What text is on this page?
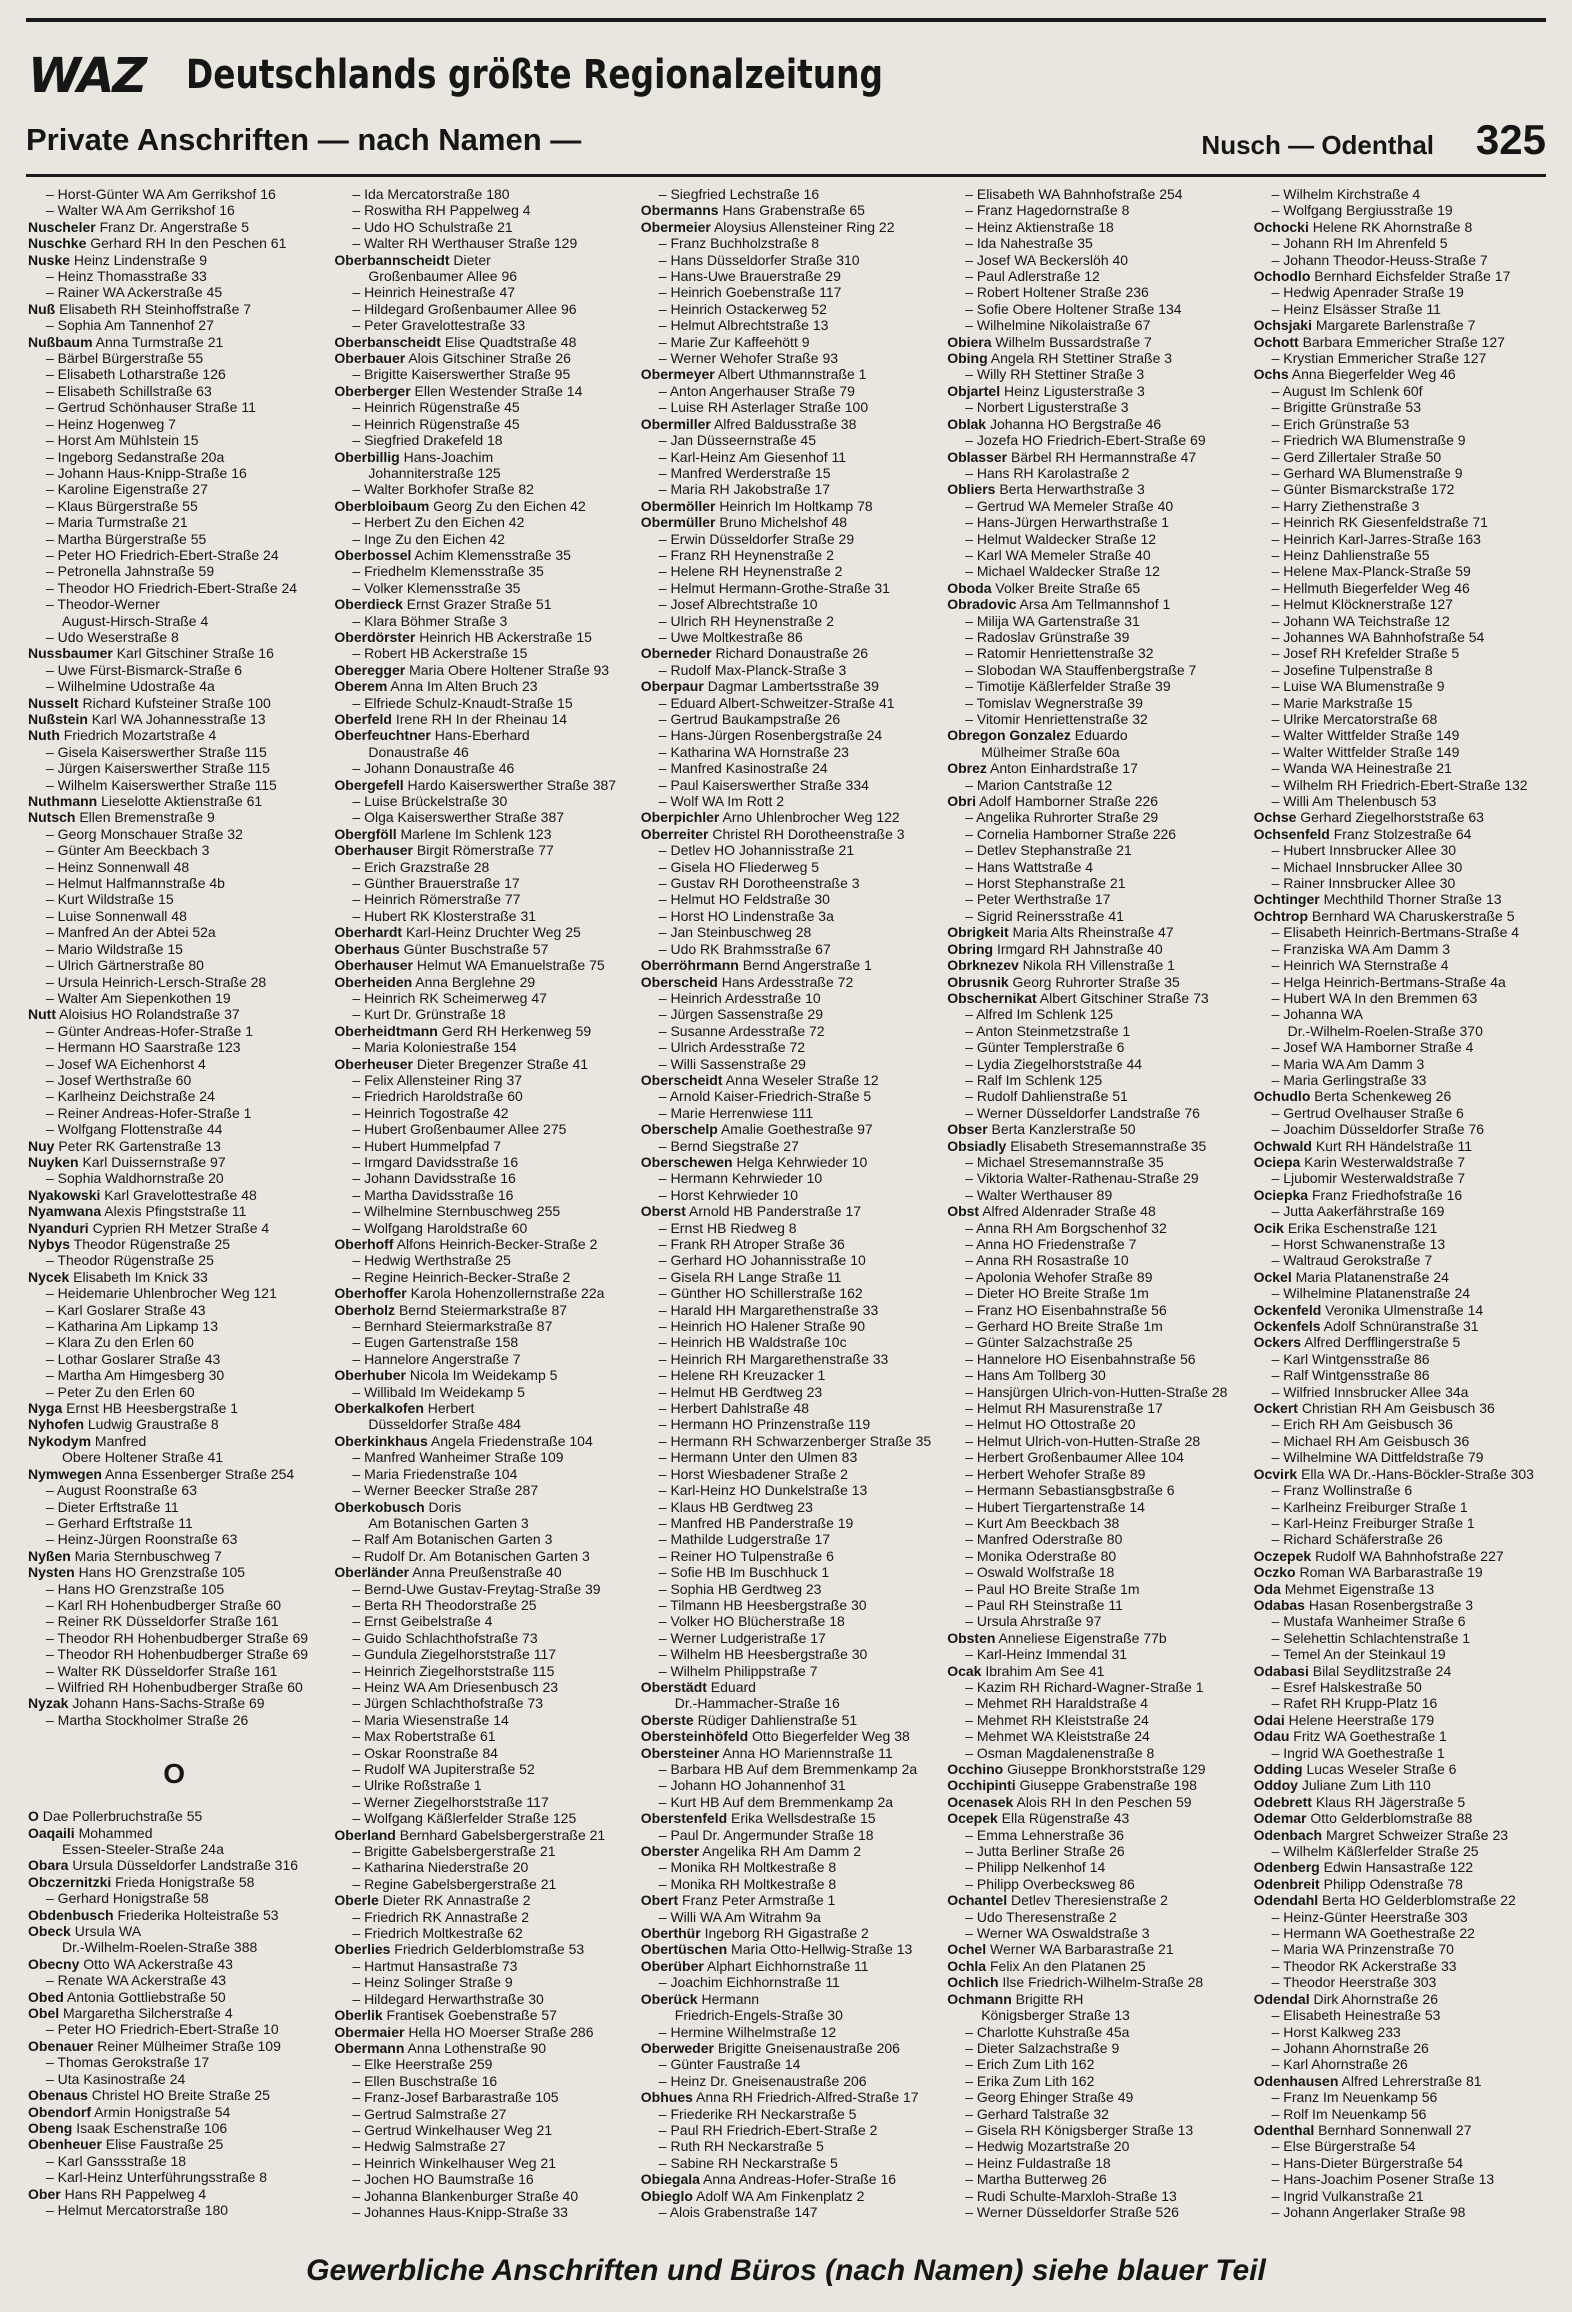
WAZ Deutschlands größte Regionalzeitung
Private Anschriften — nach Namen —	Nusch — Odenthal 325
– Horst-Günter WA Am Gerrikshof 16
– Walter WA Am Gerrikshof 16
Nuscheler Franz Dr. Angerstraße 5
Nuschke Gerhard RH In den Peschen 61
Nuske Heinz Lindenstraße 9
– Heinz Thomasstraße 33
– Rainer WA Ackerstraße 45
Nuß Elisabeth RH Steinhoffstraße 7
– Sophia Am Tannenhof 27
Nußbaum Anna Turmstraße 21
– Bärbel Bürgerstraße 55
– Elisabeth Lotharstraße 126
– Elisabeth Schillstraße 63
– Gertrud Schönhauser Straße 11
– Heinz Hogenweg 7
– Horst Am Mühlstein 15
– Ingeborg Sedanstraße 20a
– Johann Haus-Knipp-Straße 16
– Karoline Eigenstraße 27
– Klaus Bürgerstraße 55
– Maria Turmstraße 21
– Martha Bürgerstraße 55
– Peter HO Friedrich-Ebert-Straße 24
– Petronella Jahnstraße 59
– Theodor HO Friedrich-Ebert-Straße 24
– Theodor-Werner
August-Hirsch-Straße 4
– Udo Weserstraße 8
Nussbaumer Karl Gitschiner Straße 16
– Uwe Fürst-Bismarck-Straße 6
– Wilhelmine Udostraße 4a
Nusselt Richard Kufsteiner Straße 100
Nußstein Karl WA Johannesstraße 13
Nuth Friedrich Mozartstraße 4
– Gisela Kaiserswerther Straße 115
– Jürgen Kaiserswerther Straße 115
– Wilhelm Kaiserswerther Straße 115
Nuthmann Lieselotte Aktienstraße 61
Nutsch Ellen Bremenstraße 9
– Georg Monschauer Straße 32
– Günter Am Beeckbach 3
– Heinz Sonnenwall 48
– Helmut Halfmannstraße 4b
– Kurt Wildstraße 15
– Luise Sonnenwall 48
– Manfred An der Abtei 52a
– Mario Wildstraße 15
– Ulrich Gärtnerstraße 80
– Ursula Heinrich-Lersch-Straße 28
– Walter Am Siepenkothen 19
Nutt Aloisius HO Rolandstraße 37
– Günter Andreas-Hofer-Straße 1
– Hermann HO Saarstraße 123
– Josef WA Eichenhorst 4
– Josef Werthstraße 60
– Karlheinz Deichstraße 24
– Reiner Andreas-Hofer-Straße 1
– Wolfgang Flottenstraße 44
Nuy Peter RK Gartenstraße 13
Nuyken Karl Duissernstraße 97
– Sophia Waldhornstraße 20
Nyakowski Karl Gravelottestraße 48
Nyamwana Alexis Pfingststraße 11
Nyanduri Cyprien RH Metzer Straße 4
Nybys Theodor Rügenstraße 25
– Theodor Rügenstraße 25
Nycek Elisabeth Im Knick 33
– Heidemarie Uhlenbrocher Weg 121
– Karl Goslarer Straße 43
– Katharina Am Lipkamp 13
– Klara Zu den Erlen 60
– Lothar Goslarer Straße 43
– Martha Am Himgesberg 30
– Peter Zu den Erlen 60
Nyga Ernst HB Heesbergstraße 1
Nyhofen Ludwig Graustraße 8
Nykodym Manfred
Obere Holtener Straße 41
Nymwegen Anna Essenberger Straße 254
– August Roonstraße 63
– Dieter Erftstraße 11
– Gerhard Erftstraße 11
– Heinz-Jürgen Roonstraße 63
Nyßen Maria Sternbuschweg 7
Nysten Hans HO Grenzstraße 105
– Hans HO Grenzstraße 105
– Karl RH Hohenbudberger Straße 60
– Reiner RK Düsseldorfer Straße 161
– Theodor RH Hohenbudberger Straße 69
– Theodor RH Hohenbudberger Straße 69
– Walter RK Düsseldorfer Straße 161
– Wilfried RH Hohenbudberger Straße 60
Nyzak Johann Hans-Sachs-Straße 69
– Martha Stockholmer Straße 26
O
O Dae Pollerbruchstraße 55
Oaqaili Mohammed
Essen-Steeler-Straße 24a
Obara Ursula Düsseldorfer Landstraße 316
Obczernitzki Frieda Honigstraße 58
– Gerhard Honigstraße 58
Obdenbusch Friederika Holteistraße 53
Obeck Ursula WA
Dr.-Wilhelm-Roelen-Straße 388
Obecny Otto WA Ackerstraße 43
– Renate WA Ackerstraße 43
Obed Antonia Gottliebstraße 50
Obel Margaretha Silcherstraße 4
– Peter HO Friedrich-Ebert-Straße 10
Obenauer Reiner Mülheimer Straße 109
– Thomas Gerokstraße 17
– Uta Kasinostraße 24
Obenaus Christel HO Breite Straße 25
Obendorf Armin Honigstraße 54
Obeng Isaak Eschenstraße 106
Obenheuer Elise Faustraße 25
– Karl Ganssstraße 18
– Karl-Heinz Unterführungsstraße 8
Ober Hans RH Pappelweg 4
– Helmut Mercatorstraße 180
– Ida Mercatorstraße 180
– Roswitha RH Pappelweg 4
– Udo HO Schulstraße 21
– Walter RH Werthauser Straße 129
Oberbannscheidt Dieter
Großenbaumer Allee 96
– Heinrich Heinestraße 47
– Hildegard Großenbaumer Allee 96
– Peter Gravelottestraße 33
Oberbanscheidt Elise Quadtstraße 48
Oberbauer Alois Gitschiner Straße 26
– Brigitte Kaiserswerther Straße 95
Oberberger Ellen Westender Straße 14
– Heinrich Rügenstraße 45
– Heinrich Rügenstraße 45
– Siegfried Drakefeld 18
Oberbillig Hans-Joachim
Johanniterstraße 125
– Walter Borkhofer Straße 82
Oberbloibaum Georg Zu den Eichen 42
– Herbert Zu den Eichen 42
– Inge Zu den Eichen 42
Oberbossel Achim Klemensstraße 35
– Friedhelm Klemensstraße 35
– Volker Klemensstraße 35
Oberdieck Ernst Grazer Straße 51
– Klara Böhmer Straße 3
Oberdörster Heinrich HB Ackerstraße 15
– Robert HB Ackerstraße 15
Oberegger Maria Obere Holtener Straße 93
Oberem Anna Im Alten Bruch 23
– Elfriede Schulz-Knaudt-Straße 15
Oberfeld Irene RH In der Rheinau 14
Oberfeuchtner Hans-Eberhard
Donaustraße 46
– Johann Donaustraße 46
Obergefell Hardo Kaiserswerther Straße 387
– Luise Brückelstraße 30
– Olga Kaiserswerther Straße 387
Obergföll Marlene Im Schlenk 123
Oberhauser Birgit Römerstraße 77
– Erich Grazstraße 28
– Günther Brauerstraße 17
– Heinrich Römerstraße 77
– Hubert RK Klosterstraße 31
Oberhardt Karl-Heinz Druchter Weg 25
Oberhaus Günter Buschstraße 57
Oberhauser Helmut WA Emanuelstraße 75
Oberheiden Anna Berglehne 29
– Heinrich RK Scheimerweg 47
– Kurt Dr. Grünstraße 18
Oberheidtmann Gerd RH Herkenweg 59
– Maria Koloniestraße 154
Oberheuser Dieter Bregenzer Straße 41
– Felix Allensteiner Ring 37
– Friedrich Haroldstraße 60
– Heinrich Togostraße 42
– Hubert Großenbaumer Allee 275
– Hubert Hummelpfad 7
– Irmgard Davidsstraße 16
– Johann Davidsstraße 16
– Martha Davidsstraße 16
– Wilhelmine Sternbuschweg 255
– Wolfgang Haroldstraße 60
Oberhoff Alfons Heinrich-Becker-Straße 2
– Hedwig Werthstraße 25
– Regine Heinrich-Becker-Straße 2
Oberhoffer Karola Hohenzollernstraße 22a
Oberholz Bernd Steiermarkstraße 87
– Bernhard Steiermarkstraße 87
– Eugen Gartenstraße 158
– Hannelore Angerstraße 7
Oberhuber Nicola Im Weidekamp 5
– Willibald Im Weidekamp 5
Oberkalkofen Herbert
Düsseldorfer Straße 484
Oberkinkhaus Angela Friedenstraße 104
– Manfred Wanheimer Straße 109
– Maria Friedenstraße 104
– Werner Beecker Straße 287
Oberkobusch Doris
Am Botanischen Garten 3
– Ralf Am Botanischen Garten 3
– Rudolf Dr. Am Botanischen Garten 3
Oberländer Anna Preußenstraße 40
– Bernd-Uwe Gustav-Freytag-Straße 39
– Berta RH Theodorstraße 25
– Ernst Geibelstraße 4
– Guido Schlachthofstraße 73
– Gundula Ziegelhorststraße 117
– Heinrich Ziegelhorststraße 115
– Heinz WA Am Driesenbusch 23
– Jürgen Schlachthofstraße 73
– Maria Wiesenstraße 14
– Max Robertstraße 61
– Oskar Roonstraße 84
– Rudolf WA Jupiterstraße 52
– Ulrike Roßstraße 1
– Werner Ziegelhorststraße 117
– Wolfgang Käßlerfelder Straße 125
Oberland Bernhard Gabelsbergerstraße 21
– Brigitte Gabelsbergerstraße 21
– Katharina Niederstraße 20
– Regine Gabelsbergerstraße 21
Oberle Dieter RK Annastraße 2
– Friedrich RK Annastraße 2
– Friedrich Moltkestraße 62
Oberlies Friedrich Gelderblomstraße 53
– Hartmut Hansastraße 73
– Heinz Solinger Straße 9
– Hildegard Herwarthstraße 30
Oberlik Frantisek Goebenstraße 57
Obermaier Hella HO Moerser Straße 286
Obermann Anna Lothenstraße 90
– Elke Heerstraße 259
– Ellen Buschstraße 16
– Franz-Josef Barbarastraße 105
– Gertrud Salmstraße 27
– Gertrud Winkelhauser Weg 21
– Hedwig Salmstraße 27
– Heinrich Winkelhauser Weg 21
– Jochen HO Baumstraße 16
– Johanna Blankenburger Straße 40
– Johannes Haus-Knipp-Straße 33
– Siegfried Lechstraße 16
Obermanns Hans Grabenstraße 65
Obermeier Aloysius Allensteiner Ring 22
– Franz Buchholzstraße 8
– Hans Düsseldorfer Straße 310
– Hans-Uwe Brauerstraße 29
– Heinrich Goebenstraße 117
– Heinrich Ostackerweg 52
– Helmut Albrechtstraße 13
– Marie Zur Kaffeehött 9
– Werner Wehofer Straße 93
Obermeyer Albert Uthmannstraße 1
– Anton Angerhauser Straße 79
– Luise RH Asterlager Straße 100
Obermiller Alfred Baldusstraße 38
– Jan Düsseernstraße 45
– Karl-Heinz Am Giesenhof 11
– Manfred Werderstraße 15
– Maria RH Jakobstraße 17
Obermöller Heinrich Im Holtkamp 78
Obermüller Bruno Michelshof 48
– Erwin Düsseldorfer Straße 29
– Franz RH Heynenstraße 2
– Helene RH Heynenstraße 2
– Helmut Hermann-Grothe-Straße 31
– Josef Albrechtstraße 10
– Ulrich RH Heynenstraße 2
– Uwe Moltkestraße 86
Oberneder Richard Donaustraße 26
– Rudolf Max-Planck-Straße 3
Oberpaur Dagmar Lambertsstraße 39
– Eduard Albert-Schweitzer-Straße 41
– Gertrud Baukampstraße 26
– Hans-Jürgen Rosenbergstraße 24
– Katharina WA Hornstraße 23
– Manfred Kasinostraße 24
– Paul Kaiserswerther Straße 334
– Wolf WA Im Rott 2
Oberpichler Arno Uhlenbrocher Weg 122
Oberreiter Christel RH Dorotheenstraße 3
– Detlev HO Johannisstraße 21
– Gisela HO Fliederweg 5
– Gustav RH Dorotheenstraße 3
– Helmut HO Feldstraße 30
– Horst HO Lindenstraße 3a
– Jan Steinbuschweg 28
– Udo RK Brahmsstraße 67
Oberröhrmann Bernd Angerstraße 1
Oberscheid Hans Ardesstraße 72
– Heinrich Ardesstraße 10
– Jürgen Sassenstraße 29
– Susanne Ardesstraße 72
– Ulrich Ardesstraße 72
– Willi Sassenstraße 29
Oberscheidt Anna Weseler Straße 12
– Arnold Kaiser-Friedrich-Straße 5
– Marie Herrenwiese 111
Oberschelp Amalie Goethestraße 97
– Bernd Siegstraße 27
Oberschewen Helga Kehrwieder 10
– Hermann Kehrwieder 10
– Horst Kehrwieder 10
Oberst Arnold HB Panderstraße 17
– Ernst HB Riedweg 8
– Frank RH Atroper Straße 36
– Gerhard HO Johannisstraße 10
– Gisela RH Lange Straße 11
– Günther HO Schillerstraße 162
– Harald HH Margarethenstraße 33
– Heinrich HO Halener Straße 90
– Heinrich HB Waldstraße 10c
– Heinrich RH Margarethenstraße 33
– Helene RH Kreuzacker 1
– Helmut HB Gerdtweg 23
– Herbert Dahlstraße 48
– Hermann HO Prinzenstraße 119
– Hermann RH Schwarzenberger Straße 35
– Hermann Unter den Ulmen 83
– Horst Wiesbadener Straße 2
– Karl-Heinz HO Dunkelstraße 13
– Klaus HB Gerdtweg 23
– Manfred HB Panderstraße 19
– Mathilde Ludgerstraße 17
– Reiner HO Tulpenstraße 6
– Sofie HB Im Buschhuck 1
– Sophia HB Gerdtweg 23
– Tilmann HB Heesbergstraße 30
– Volker HO Blücherstraße 18
– Werner Ludgeristraße 17
– Wilhelm HB Heesbergstraße 30
– Wilhelm Philippstraße 7
Oberstädt Eduard
Dr.-Hammacher-Straße 16
Oberste Rüdiger Dahlienstraße 51
Obersteinhöfeld Otto Biegerfelder Weg 38
Obersteiner Anna HO Mariennstraße 11
– Barbara HB Auf dem Bremmenkamp 2a
– Johann HO Johannenhof 31
– Kurt HB Auf dem Bremmenkamp 2a
Oberstenfeld Erika Wellsdestraße 15
– Paul Dr. Angermunder Straße 18
Oberster Angelika RH Am Damm 2
– Monika RH Moltkestraße 8
– Monika RH Moltkestraße 8
Obert Franz Peter Armstraße 1
– Willi WA Am Witrahm 9a
Oberthür Ingeborg RH Gigastraße 2
Obertüschen Maria Otto-Hellwig-Straße 13
Oberüber Alphart Eichhornstraße 11
– Joachim Eichhornstraße 11
Oberück Hermann
Friedrich-Engels-Straße 30
– Hermine Wilhelmstraße 12
Oberweder Brigitte Gneisenaustraße 206
– Günter Faustraße 14
– Heinz Dr. Gneisenaustraße 206
Obhues Anna RH Friedrich-Alfred-Straße 17
– Friederike RH Neckarstraße 5
– Paul RH Friedrich-Ebert-Straße 2
– Ruth RH Neckarstraße 5
– Sabine RH Neckarstraße 5
Obiegala Anna Andreas-Hofer-Straße 16
Obieglo Adolf WA Am Finkenplatz 2
– Alois Grabenstraße 147
– Elisabeth WA Bahnhofstraße 254
– Franz Hagedornstraße 8
– Heinz Aktienstraße 18
– Ida Nahestraße 35
– Josef WA Beckerslöh 40
– Paul Adlerstraße 12
– Robert Holtener Straße 236
– Sofie Obere Holtener Straße 134
– Wilhelmine Nikolaistraße 67
Obiera Wilhelm Bussardstraße 7
Obing Angela RH Stettiner Straße 3
– Willy RH Stettiner Straße 3
Objartel Heinz Ligusterstraße 3
– Norbert Ligusterstraße 3
Oblak Johanna HO Bergstraße 46
– Jozefa HO Friedrich-Ebert-Straße 69
Oblasser Bärbel RH Hermannstraße 47
– Hans RH Karolastraße 2
Obliers Berta Herwarthstraße 3
– Gertrud WA Memeler Straße 40
– Hans-Jürgen Herwarthstraße 1
– Helmut Waldecker Straße 12
– Karl WA Memeler Straße 40
– Michael Waldecker Straße 12
Oboda Volker Breite Straße 65
Obradovic Arsa Am Tellmannshof 1
– Milija WA Gartenstraße 31
– Radoslav Grünstraße 39
– Ratomir Henriettenstraße 32
– Slobodan WA Stauffenbergstraße 7
– Timotije Käßlerfelder Straße 39
– Tomislav Wegnerstraße 39
– Vitomir Henriettenstraße 32
Obregon Gonzalez Eduardo
Mülheimer Straße 60a
Obrez Anton Einhardstraße 17
– Marion Cantstraße 12
Obri Adolf Hamborner Straße 226
– Angelika Ruhrorter Straße 29
– Cornelia Hamborner Straße 226
– Detlev Stephanstraße 21
– Hans Wattstraße 4
– Horst Stephanstraße 21
– Peter Werthstraße 17
– Sigrid Reinersstraße 41
Obrigkeit Maria Alts Rheinstraße 47
Obring Irmgard RH Jahnstraße 40
Obrknezev Nikola RH Villenstraße 1
Obrusnik Georg Ruhrorter Straße 35
Obschernikat Albert Gitschiner Straße 73
– Alfred Im Schlenk 125
– Anton Steinmetzstraße 1
– Günter Templerstraße 6
– Lydia Ziegelhorststraße 44
– Ralf Im Schlenk 125
– Rudolf Dahlienstraße 51
– Werner Düsseldorfer Landstraße 76
Obser Berta Kanzlerstraße 50
Obsiadly Elisabeth Stresemannstraße 35
– Michael Stresemannstraße 35
– Viktoria Walter-Rathenau-Straße 29
– Walter Werthauser 89
Obst Alfred Aldenrader Straße 48
– Anna RH Am Borgschenhof 32
– Anna HO Friedenstraße 7
– Anna RH Rosastraße 10
– Apolonia Wehofer Straße 89
– Dieter HO Breite Straße 1m
– Franz HO Eisenbahnstraße 56
– Gerhard HO Breite Straße 1m
– Günter Salzachstraße 25
– Hannelore HO Eisenbahnstraße 56
– Hans Am Tollberg 30
– Hansjürgen Ulrich-von-Hutten-Straße 28
– Helmut RH Masurenstraße 17
– Helmut HO Ottostraße 20
– Helmut Ulrich-von-Hutten-Straße 28
– Herbert Großenbaumer Allee 104
– Herbert Wehofer Straße 89
– Hermann Sebastiansgbstraße 6
– Hubert Tiergartenstraße 14
– Kurt Am Beeckbach 38
– Manfred Oderstraße 80
– Monika Oderstraße 80
– Oswald Wolfstraße 18
– Paul HO Breite Straße 1m
– Paul RH Steinstraße 11
– Ursula Ahrstraße 97
Obsten Anneliese Eigenstraße 77b
– Karl-Heinz Immendal 31
Ocak Ibrahim Am See 41
– Kazim RH Richard-Wagner-Straße 1
– Mehmet RH Haraldstraße 4
– Mehmet RH Kleiststraße 24
– Mehmet WA Kleiststraße 24
– Osman Magdalenenstraße 8
Occhino Giuseppe Bronkhorststraße 129
Occhipinti Giuseppe Grabenstraße 198
Ocenasek Alois RH In den Peschen 59
Ocepek Ella Rügenstraße 43
– Emma Lehnerstraße 36
– Jutta Berliner Straße 26
– Philipp Nelkenhof 14
– Philipp Overbecksweg 86
Ochantel Detlev Theresienstraße 2
– Udo Theresenstraße 2
– Werner WA Oswaldstraße 3
Ochel Werner WA Barbarastraße 21
Ochla Felix An den Platanen 25
Ochlich Ilse Friedrich-Wilhelm-Straße 28
Ochmann Brigitte RH
Königsberger Straße 13
– Charlotte Kuhstraße 45a
– Dieter Salzachstraße 9
– Erich Zum Lith 162
– Erika Zum Lith 162
– Georg Ehinger Straße 49
– Gerhard Talstraße 32
– Gisela RH Königsberger Straße 13
– Hedwig Mozartstraße 20
– Heinz Fuldastraße 18
– Martha Butterweg 26
– Rudi Schulte-Marxloh-Straße 13
– Werner Düsseldorfer Straße 526
– Wilhelm Kirchstraße 4
– Wolfgang Bergiusstraße 19
Ochocki Helene RK Ahornstraße 8
– Johann RH Im Ahrenfeld 5
– Johann Theodor-Heuss-Straße 7
Ochodlo Bernhard Eichsfelder Straße 17
– Hedwig Apenrader Straße 19
– Heinz Elsässer Straße 11
Ochsjaki Margarete Barlenstraße 7
Ochott Barbara Emmericher Straße 127
– Krystian Emmericher Straße 127
Ochs Anna Biegerfelder Weg 46
– August Im Schlenk 60f
– Brigitte Grünstraße 53
– Erich Grünstraße 53
– Friedrich WA Blumenstraße 9
– Gerd Zillertaler Straße 50
– Gerhard WA Blumenstraße 9
– Günter Bismarckstraße 172
– Harry Ziethenstraße 3
– Heinrich RK Giesenfeldstraße 71
– Heinrich Karl-Jarres-Straße 163
– Heinz Dahlienstraße 55
– Helene Max-Planck-Straße 59
– Hellmuth Biegerfelder Weg 46
– Helmut Klöcknerstraße 127
– Johann WA Teichstraße 12
– Johannes WA Bahnhofstraße 54
– Josef RH Krefelder Straße 5
– Josefine Tulpenstraße 8
– Luise WA Blumenstraße 9
– Marie Markstraße 15
– Ulrike Mercatorstraße 68
– Walter Wittfelder Straße 149
– Walter Wittfelder Straße 149
– Wanda WA Heinestraße 21
– Wilhelm RH Friedrich-Ebert-Straße 132
– Willi Am Thelenbusch 53
Ochse Gerhard Ziegelhorststraße 63
Ochsenfeld Franz Stolzestraße 64
– Hubert Innsbrucker Allee 30
– Michael Innsbrucker Allee 30
– Rainer Innsbrucker Allee 30
Ochtinger Mechthild Thorner Straße 13
Ochtrop Bernhard WA Charuskerstraße 5
– Elisabeth Heinrich-Bertmans-Straße 4
– Franziska WA Am Damm 3
– Heinrich WA Sternstraße 4
– Helga Heinrich-Bertmans-Straße 4a
– Hubert WA In den Bremmen 63
– Johanna WA
Dr.-Wilhelm-Roelen-Straße 370
– Josef WA Hamborner Straße 4
– Maria WA Am Damm 3
– Maria Gerlingstraße 33
Ochudlo Berta Schenkeweg 26
– Gertrud Ovelhauser Straße 6
– Joachim Düsseldorfer Straße 76
Ochwald Kurt RH Händelstraße 11
Ociepa Karin Westerwaldstraße 7
– Ljubomir Westerwaldstraße 7
Ociepka Franz Friedhofstraße 16
– Jutta Aakerfährstraße 169
Ocik Erika Eschenstraße 121
– Horst Schwanenstraße 13
– Waltraud Gerokstraße 7
Ockel Maria Platanenstraße 24
– Wilhelmine Platanenstraße 24
Ockenfeld Veronika Ulmenstraße 14
Ockenfels Adolf Schnüranstraße 31
Ockers Alfred Derfflingerstraße 5
– Karl Wintgensstraße 86
– Ralf Wintgensstraße 86
– Wilfried Innsbrucker Allee 34a
Ockert Christian RH Am Geisbusch 36
– Erich RH Am Geisbusch 36
– Michael RH Am Geisbusch 36
– Wilhelmine WA Dittfeldstraße 79
Ocvirk Ella WA Dr.-Hans-Böckler-Straße 303
– Franz Wollinstraße 6
– Karlheinz Freiburger Straße 1
– Karl-Heinz Freiburger Straße 1
– Richard Schäferstraße 26
Oczepek Rudolf WA Bahnhofstraße 227
Oczko Roman WA Barbarastraße 19
Oda Mehmet Eigenstraße 13
Odabas Hasan Rosenbergstraße 3
– Mustafa Wanheimer Straße 6
– Selehettin Schlachtenstraße 1
– Temel An der Steinkaul 19
Odabasi Bilal Seydlitzstraße 24
– Esref Halskestraße 50
– Rafet RH Krupp-Platz 16
Odai Helene Heerstraße 179
Odau Fritz WA Goethestraße 1
– Ingrid WA Goethestraße 1
Odding Lucas Weseler Straße 6
Oddoy Juliane Zum Lith 110
Odebrett Klaus RH Jägerstraße 5
Odemar Otto Gelderblomstraße 88
Odenbach Margret Schweizer Straße 23
– Wilhelm Käßlerfelder Straße 25
Odenberg Edwin Hansastraße 122
Odenbreit Philipp Odenstraße 78
Odendahl Berta HO Gelderblomstraße 22
– Heinz-Günter Heerstraße 303
– Hermann WA Goethestraße 22
– Maria WA Prinzenstraße 70
– Theodor RK Ackerstraße 33
– Theodor Heerstraße 303
Odendal Dirk Ahornstraße 26
– Elisabeth Heinestraße 53
– Horst Kalkweg 233
– Johann Ahornstraße 26
– Karl Ahornstraße 26
Odenhausen Alfred Lehrerstraße 81
– Franz Im Neuenkamp 56
– Rolf Im Neuenkamp 56
Odenthal Bernhard Sonnenwall 27
– Else Bürgerstraße 54
– Hans-Dieter Bürgerstraße 54
– Hans-Joachim Posener Straße 13
– Ingrid Vulkanstraße 21
– Johann Angerlaker Straße 98
Gewerbliche Anschriften und Büros (nach Namen) siehe blauer Teil
